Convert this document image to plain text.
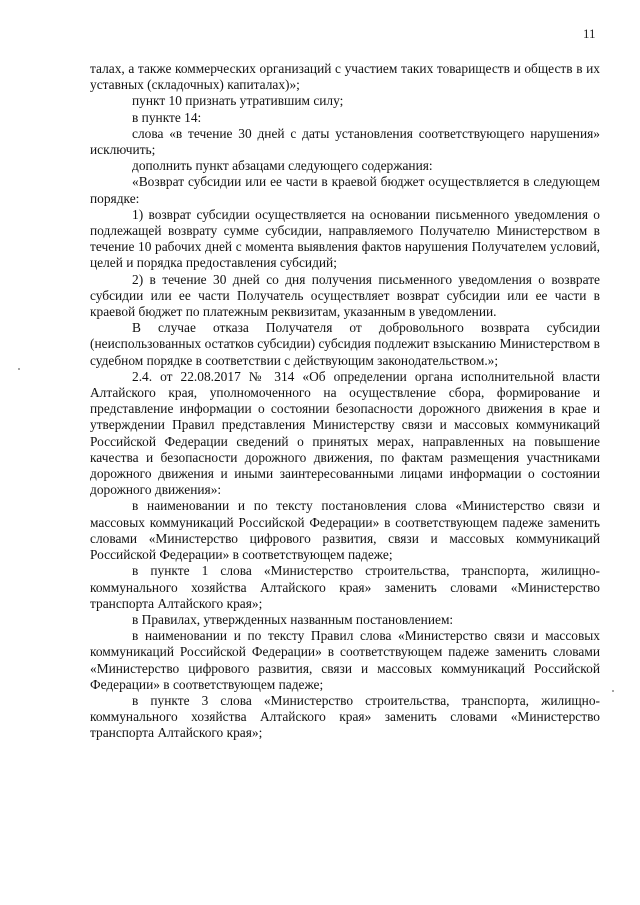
11

талах, а также коммерческих организаций с участием таких товариществ и обществ в их уставных (складочных) капиталах)»;

пункт 10 признать утратившим силу;

в пункте 14:

слова «в течение 30 дней с даты установления соответствующего нарушения» исключить;

дополнить пункт абзацами следующего содержания:

«Возврат субсидии или ее части в краевой бюджет осуществляется в следующем порядке:

1) возврат субсидии осуществляется на основании письменного уведомления о подлежащей возврату сумме субсидии, направляемого Получателю Министерством в течение 10 рабочих дней с момента выявления фактов нарушения Получателем условий, целей и порядка предоставления субсидий;

2) в течение 30 дней со дня получения письменного уведомления о возврате субсидии или ее части Получатель осуществляет возврат субсидии или ее части в краевой бюджет по платежным реквизитам, указанным в уведомлении.

В случае отказа Получателя от добровольного возврата субсидии (неиспользованных остатков субсидии) субсидия подлежит взысканию Министерством в судебном порядке в соответствии с действующим законодательством.»;

2.4. от 22.08.2017 № 314 «Об определении органа исполнительной власти Алтайского края, уполномоченного на осуществление сбора, формирование и представление информации о состоянии безопасности дорожного движения в крае и утверждении Правил представления Министерству связи и массовых коммуникаций Российской Федерации сведений о принятых мерах, направленных на повышение качества и безопасности дорожного движения, по фактам размещения участниками дорожного движения и иными заинтересованными лицами информации о состоянии дорожного движения»:

в наименовании и по тексту постановления слова «Министерство связи и массовых коммуникаций Российской Федерации» в соответствующем падеже заменить словами «Министерство цифрового развития, связи и массовых коммуникаций Российской Федерации» в соответствующем падеже;

в пункте 1 слова «Министерство строительства, транспорта, жилищно-коммунального хозяйства Алтайского края» заменить словами «Министерство транспорта Алтайского края»;

в Правилах, утвержденных названным постановлением:

в наименовании и по тексту Правил слова «Министерство связи и массовых коммуникаций Российской Федерации» в соответствующем падеже заменить словами «Министерство цифрового развития, связи и массовых коммуникаций Российской Федерации» в соответствующем падеже;

в пункте 3 слова «Министерство строительства, транспорта, жилищно-коммунального хозяйства Алтайского края» заменить словами «Министерство транспорта Алтайского края»;
